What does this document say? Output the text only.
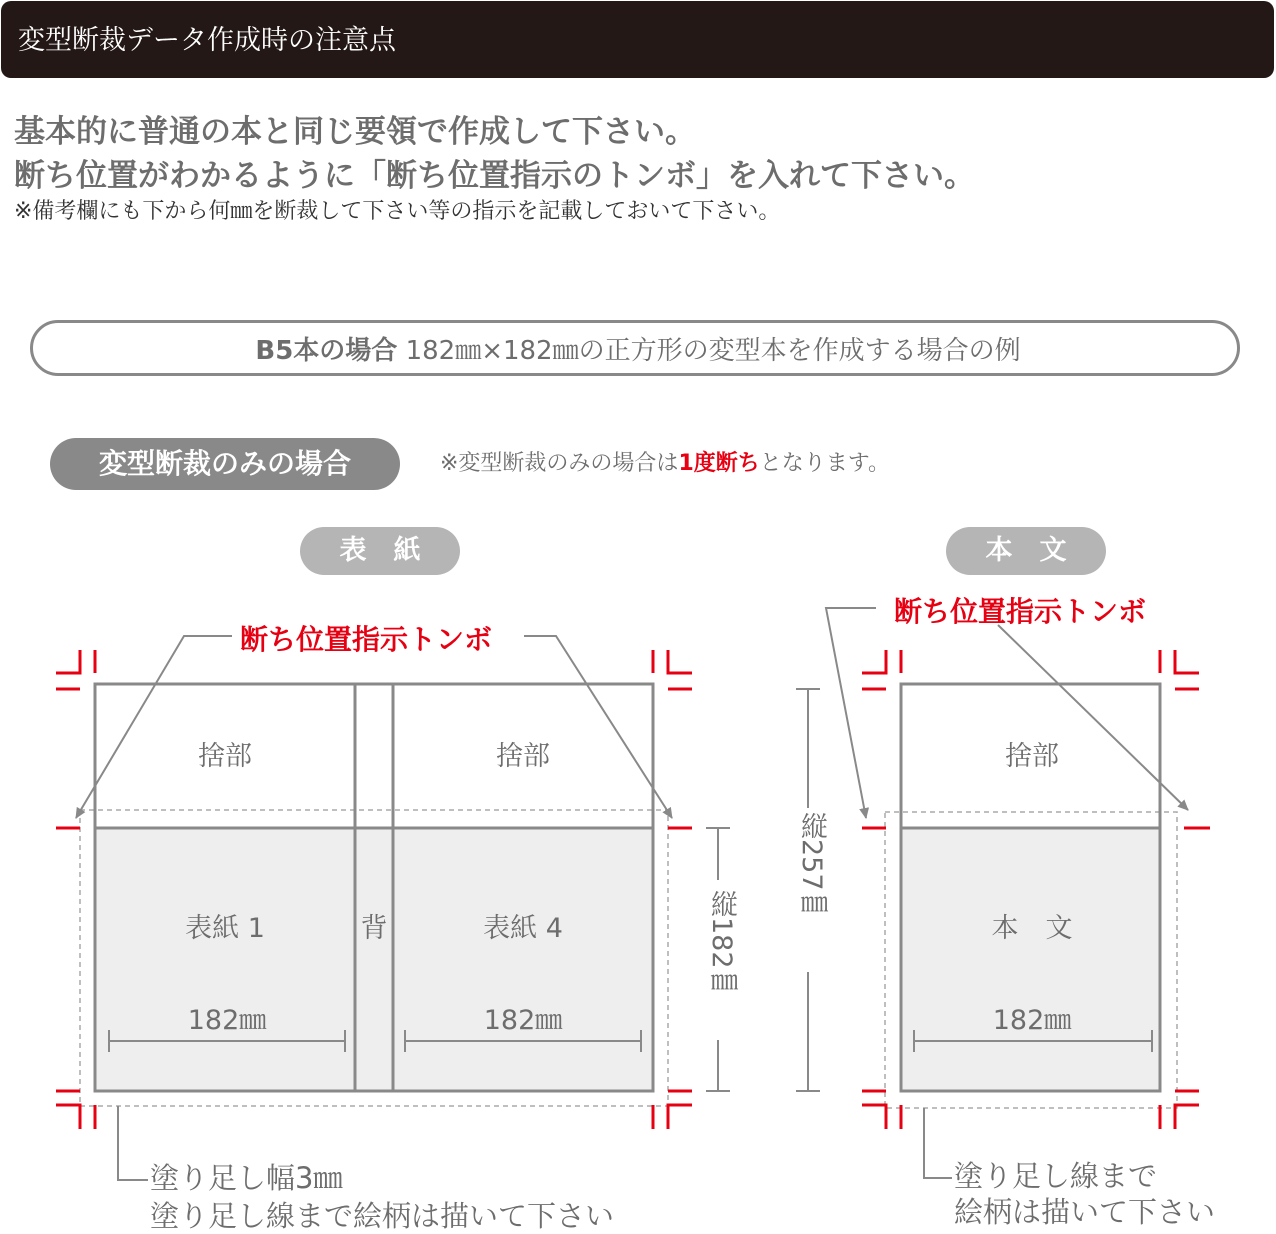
変型断裁データ作成時の注意点
基本的に普通の本と同じ要領で作成して下さい。
断ち位置がわかるように「断ち位置指示のトンボ」を入れて下さい。
※備考欄にも下から何㎜を断裁して下さい等の指示を記載しておいて下さい。
B5本の場合 182㎜×182㎜の正方形の変型本を作成する場合の例
変型断裁のみの場合	※変型断裁のみの場合は1度断ちとなります。
表　紙	本　文
断ち位置指示トンボ
捨部	捨部
表紙 1	背	表紙 4
182㎜	182㎜
縦182㎜
塗り足し幅3㎜
塗り足し線まで絵柄は描いて下さい
断ち位置指示トンボ
捨部
本　文
182㎜
縦257㎜
塗り足し線まで
絵柄は描いて下さい
